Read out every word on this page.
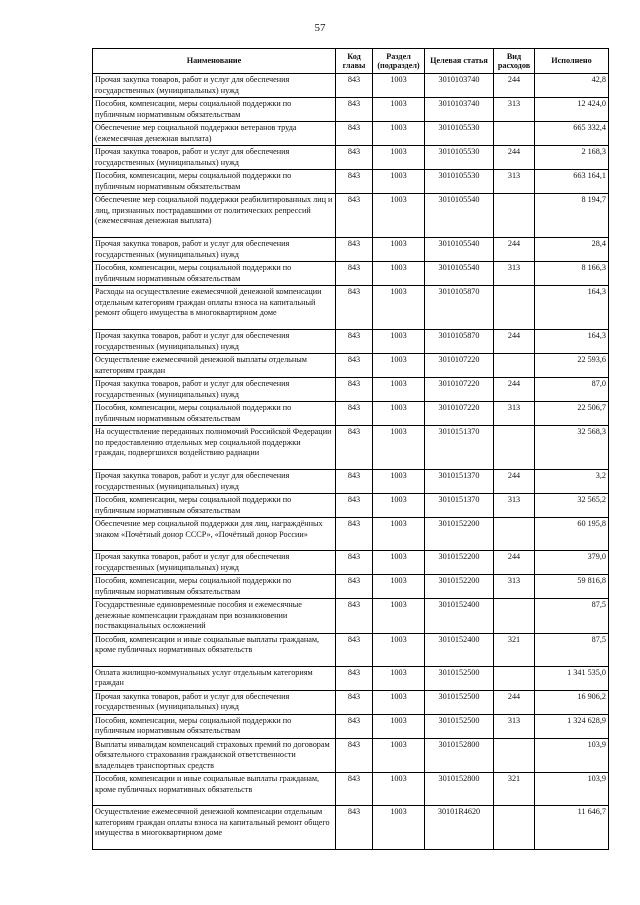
57
Наименование	Код главы	Раздел (подраздел)	Целевая статья	Вид расходов	Исполнено
Прочая закупка товаров, работ и услуг для обеспечения государственных (муниципальных) нужд	843	1003	3010103740	244	42,8
Пособия, компенсации, меры социальной поддержки по публичным нормативным обязательствам	843	1003	3010103740	313	12 424,0
Обеспечение мер социальной поддержки ветеранов труда (ежемесячная денежная выплата)	843	1003	3010105530		665 332,4
Прочая закупка товаров, работ и услуг для обеспечения государственных (муниципальных) нужд	843	1003	3010105530	244	2 168,3
Пособия, компенсации, меры социальной поддержки по публичным нормативным обязательствам	843	1003	3010105530	313	663 164,1
Обеспечение мер социальной поддержки реабилитированных лиц и лиц, признанных пострадавшими от политических репрессий (ежемесячная денежная выплата)	843	1003	3010105540		8 194,7
Прочая закупка товаров, работ и услуг для обеспечения государственных (муниципальных) нужд	843	1003	3010105540	244	28,4
Пособия, компенсации, меры социальной поддержки по публичным нормативным обязательствам	843	1003	3010105540	313	8 166,3
Расходы на осуществление ежемесячной денежной компенсации отдельным категориям граждан оплаты взноса на капитальный ремонт общего имущества в многоквартирном доме	843	1003	3010105870		164,3
Прочая закупка товаров, работ и услуг для обеспечения государственных (муниципальных) нужд	843	1003	3010105870	244	164,3
Осуществление ежемесячной денежной выплаты отдельным категориям граждан	843	1003	3010107220		22 593,6
Прочая закупка товаров, работ и услуг для обеспечения государственных (муниципальных) нужд	843	1003	3010107220	244	87,0
Пособия, компенсации, меры социальной поддержки по публичным нормативным обязательствам	843	1003	3010107220	313	22 506,7
На осуществление переданных полномочий Российской Федерации по предоставлению отдельных мер социальной поддержки граждан, подвергшихся воздействию радиации	843	1003	3010151370		32 568,3
Прочая закупка товаров, работ и услуг для обеспечения государственных (муниципальных) нужд	843	1003	3010151370	244	3,2
Пособия, компенсации, меры социальной поддержки по публичным нормативным обязательствам	843	1003	3010151370	313	32 565,2
Обеспечение мер социальной поддержки для лиц, награждённых знаком «Почётный донор СССР», «Почётный донор России»	843	1003	3010152200		60 195,8
Прочая закупка товаров, работ и услуг для обеспечения государственных (муниципальных) нужд	843	1003	3010152200	244	379,0
Пособия, компенсации, меры социальной поддержки по публичным нормативным обязательствам	843	1003	3010152200	313	59 816,8
Государственные единовременные пособия и ежемесячные денежные компенсации гражданам при возникновении поствакцинальных осложнений	843	1003	3010152400		87,5
Пособия, компенсации и иные социальные выплаты гражданам, кроме публичных нормативных обязательств	843	1003	3010152400	321	87,5
Оплата жилищно-коммунальных услуг отдельным категориям граждан	843	1003	3010152500		1 341 535,0
Прочая закупка товаров, работ и услуг для обеспечения государственных (муниципальных) нужд	843	1003	3010152500	244	16 906,2
Пособия, компенсации, меры социальной поддержки по публичным нормативным обязательствам	843	1003	3010152500	313	1 324 628,9
Выплаты инвалидам компенсаций страховых премий по договорам обязательного страхования гражданской ответственности владельцев транспортных средств	843	1003	3010152800		103,9
Пособия, компенсации и иные социальные выплаты гражданам, кроме публичных нормативных обязательств	843	1003	3010152800	321	103,9
Осуществление ежемесячной денежной компенсации отдельным категориям граждан оплаты взноса на капитальный ремонт общего имущества в многоквартирном доме	843	1003	30101R4620		11 646,7
